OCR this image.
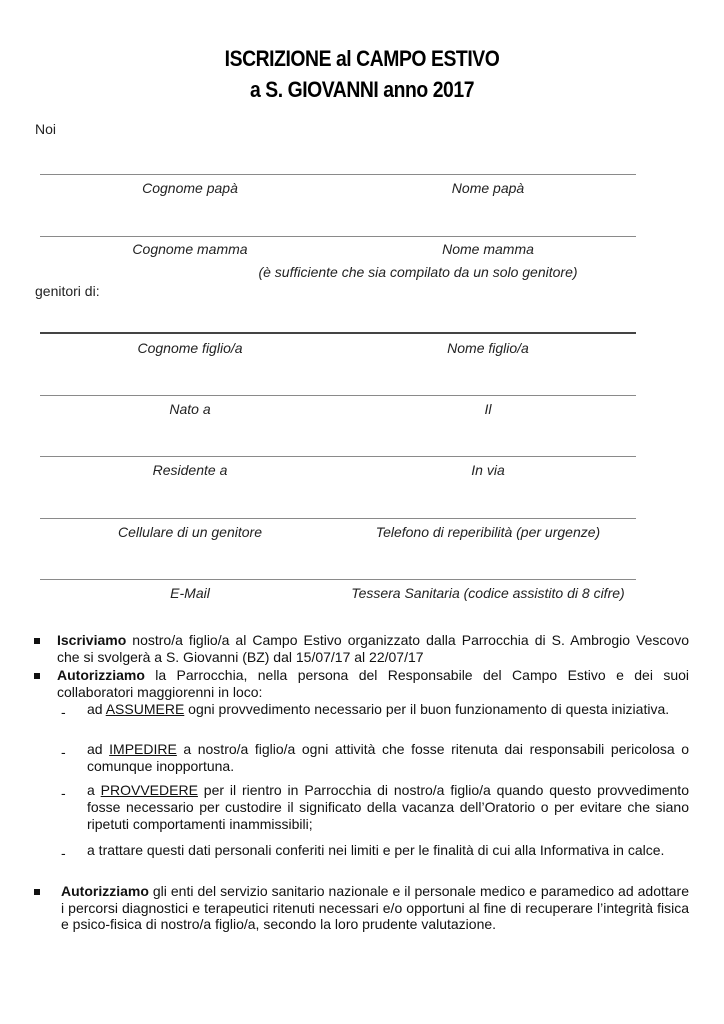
ISCRIZIONE al CAMPO ESTIVO
a S. GIOVANNI anno 2017
Noi
Cognome papà	Nome papà
Cognome mamma	Nome mamma
(è sufficiente che sia compilato da un solo genitore)
genitori di:
Cognome figlio/a	Nome figlio/a
Nato a	Il
Residente a	In via
Cellulare di un genitore	Telefono di reperibilità (per urgenze)
E-Mail	Tessera Sanitaria (codice assistito di 8 cifre)
Iscriviamo nostro/a figlio/a al Campo Estivo organizzato dalla Parrocchia di S. Ambrogio Vescovo che si svolgerà a S. Giovanni (BZ) dal 15/07/17 al 22/07/17
Autorizziamo la Parrocchia, nella persona del Responsabile del Campo Estivo e dei suoi collaboratori maggiorenni in loco:
- ad ASSUMERE ogni provvedimento necessario per il buon funzionamento di questa iniziativa.
- ad IMPEDIRE a nostro/a figlio/a ogni attività che fosse ritenuta dai responsabili pericolosa o comunque inopportuna.
- a PROVVEDERE per il rientro in Parrocchia di nostro/a figlio/a quando questo provvedimento fosse necessario per custodire il significato della vacanza dell’Oratorio o per evitare che siano ripetuti comportamenti inammissibili;
- a trattare questi dati personali conferiti nei limiti e per le finalità di cui alla Informativa in calce.
Autorizziamo gli enti del servizio sanitario nazionale e il personale medico e paramedico ad adottare i percorsi diagnostici e terapeutici ritenuti necessari e/o opportuni al fine di recuperare l’integrità fisica e psico-fisica di nostro/a figlio/a, secondo la loro prudente valutazione.
